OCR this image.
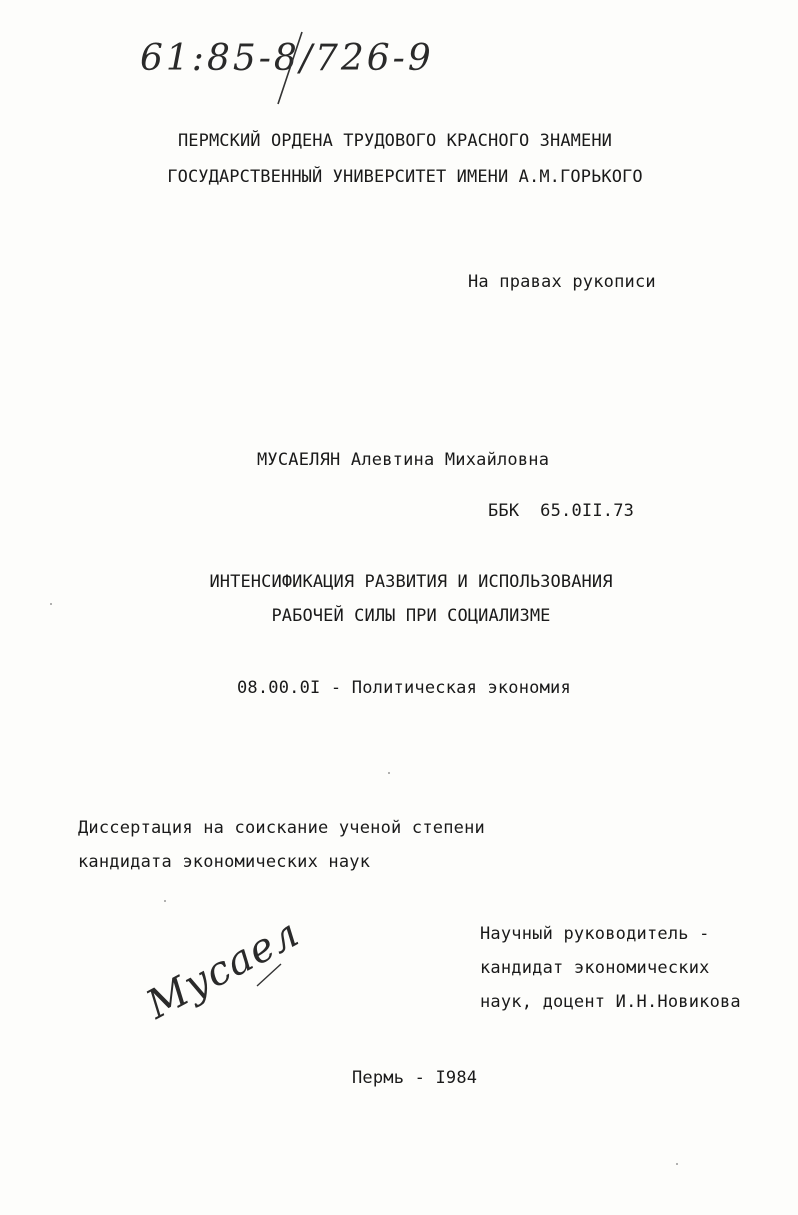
61:85-8/726-9
ПЕРМСКИЙ ОРДЕНА ТРУДОВОГО КРАСНОГО ЗНАМЕНИ
ГОСУДАРСТВЕННЫЙ УНИВЕРСИТЕТ ИМЕНИ А.М.ГОРЬКОГО
На правах рукописи
МУСАЕЛЯН Алевтина Михайловна
ББК  65.0II.73
ИНТЕНСИФИКАЦИЯ РАЗВИТИЯ И ИСПОЛЬЗОВАНИЯ
РАБОЧЕЙ СИЛЫ ПРИ СОЦИАЛИЗМЕ
08.00.0I - Политическая экономия
Диссертация на соискание ученой степени
кандидата экономических наук
Научный руководитель -
кандидат экономических
наук, доцент И.Н.Новикова
Мусаел
Пермь - I984
